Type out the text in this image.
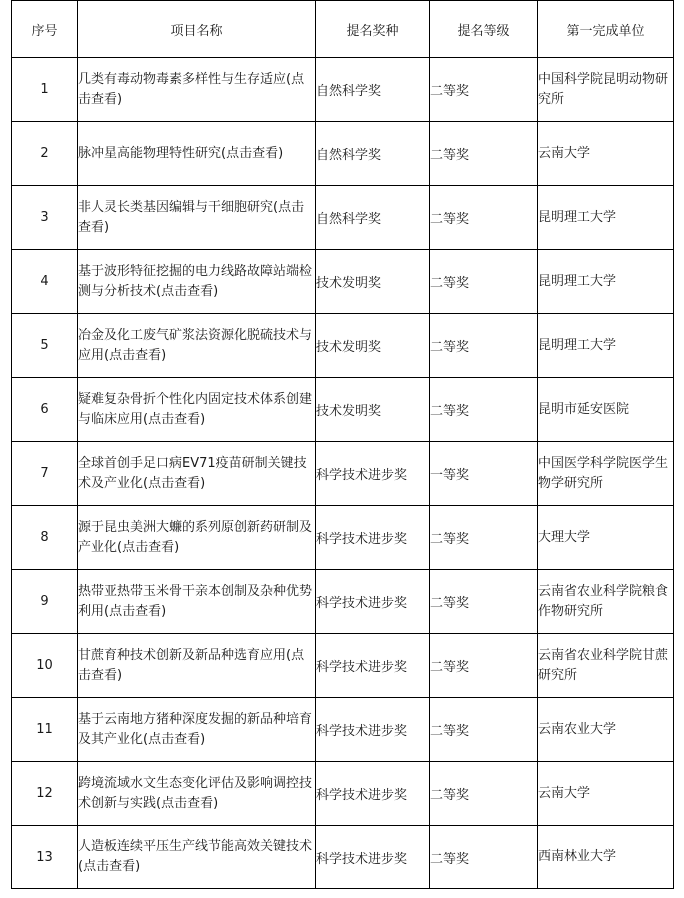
序号	项目名称	提名奖种	提名等级	第一完成单位
1	几类有毒动物毒素多样性与生存适应(点击查看)	自然科学奖	二等奖	中国科学院昆明动物研究所
2	脉冲星高能物理特性研究(点击查看)	自然科学奖	二等奖	云南大学
3	非人灵长类基因编辑与干细胞研究(点击查看)	自然科学奖	二等奖	昆明理工大学
4	基于波形特征挖掘的电力线路故障站端检测与分析技术(点击查看)	技术发明奖	二等奖	昆明理工大学
5	冶金及化工废气矿浆法资源化脱硫技术与应用(点击查看)	技术发明奖	二等奖	昆明理工大学
6	疑难复杂骨折个性化内固定技术体系创建与临床应用(点击查看)	技术发明奖	二等奖	昆明市延安医院
7	全球首创手足口病EV71疫苗研制关键技术及产业化(点击查看)	科学技术进步奖	一等奖	中国医学科学院医学生物学研究所
8	源于昆虫美洲大蠊的系列原创新药研制及产业化(点击查看)	科学技术进步奖	二等奖	大理大学
9	热带亚热带玉米骨干亲本创制及杂种优势利用(点击查看)	科学技术进步奖	二等奖	云南省农业科学院粮食作物研究所
10	甘蔗育种技术创新及新品种选育应用(点击查看)	科学技术进步奖	二等奖	云南省农业科学院甘蔗研究所
11	基于云南地方猪种深度发掘的新品种培育及其产业化(点击查看)	科学技术进步奖	二等奖	云南农业大学
12	跨境流域水文生态变化评估及影响调控技术创新与实践(点击查看)	科学技术进步奖	二等奖	云南大学
13	人造板连续平压生产线节能高效关键技术(点击查看)	科学技术进步奖	二等奖	西南林业大学
